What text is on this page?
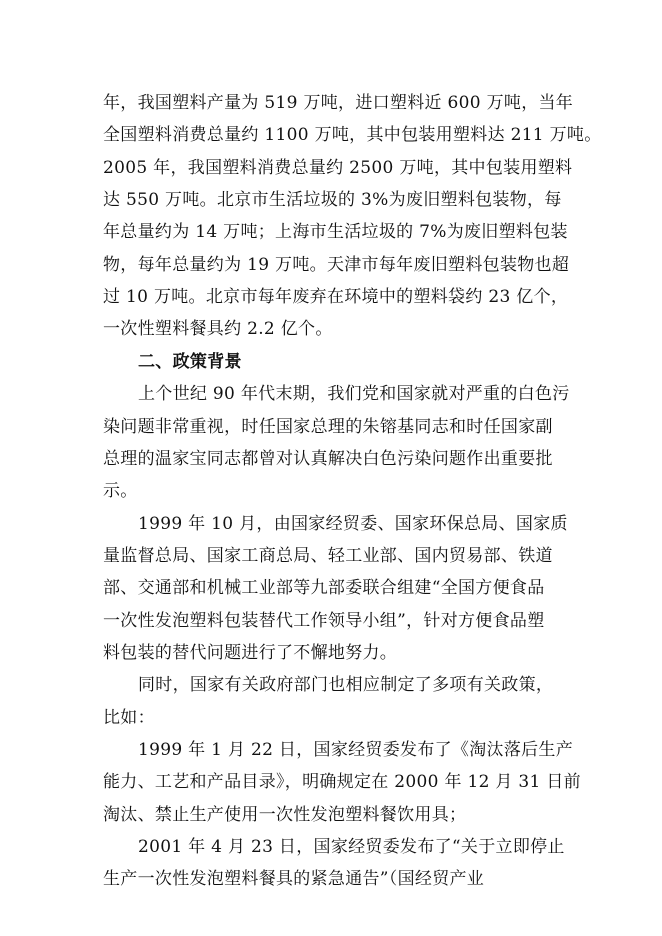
年，我国塑料产量为 519 万吨，进口塑料近 600 万吨，当年
全国塑料消费总量约 1100 万吨，其中包装用塑料达 211 万吨。
2005 年，我国塑料消费总量约 2500 万吨，其中包装用塑料
达 550 万吨。北京市生活垃圾的 3%为废旧塑料包装物，每
年总量约为 14 万吨；上海市生活垃圾的 7%为废旧塑料包装
物，每年总量约为 19 万吨。天津市每年废旧塑料包装物也超
过 10 万吨。北京市每年废弃在环境中的塑料袋约 23 亿个，
一次性塑料餐具约 2.2 亿个。
二、政策背景
上个世纪 90 年代末期，我们党和国家就对严重的白色污
染问题非常重视，时任国家总理的朱镕基同志和时任国家副
总理的温家宝同志都曾对认真解决白色污染问题作出重要批
示。
1999 年 10 月，由国家经贸委、国家环保总局、国家质
量监督总局、国家工商总局、轻工业部、国内贸易部、铁道
部、交通部和机械工业部等九部委联合组建“全国方便食品
一次性发泡塑料包装替代工作领导小组”，针对方便食品塑
料包装的替代问题进行了不懈地努力。
同时，国家有关政府部门也相应制定了多项有关政策，
比如：
1999 年 1 月 22 日，国家经贸委发布了《淘汰落后生产
能力、工艺和产品目录》，明确规定在 2000 年 12 月 31 日前
淘汰、禁止生产使用一次性发泡塑料餐饮用具；
2001 年 4 月 23 日，国家经贸委发布了“关于立即停止
生产一次性发泡塑料餐具的紧急通告”（国经贸产业
